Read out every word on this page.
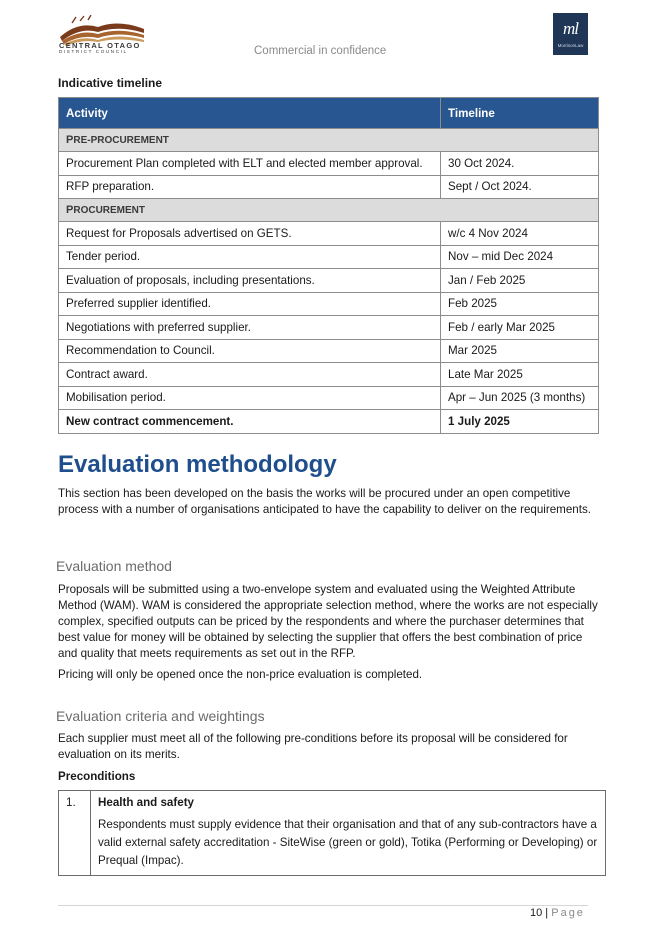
CENTRAL OTAGO
DISTRICT COUNCIL	Commercial in confidence
ml
MorrisonLaw
Indicative timeline
Activity	Timeline
PRE-PROCUREMENT	
Procurement Plan completed with ELT and elected member approval.	30 Oct 2024.
RFP preparation.	Sept / Oct 2024.
PROCUREMENT	
Request for Proposals advertised on GETS.	w/c 4 Nov 2024
Tender period.	Nov – mid Dec 2024
Evaluation of proposals, including presentations.	Jan / Feb 2025
Preferred supplier identified.	Feb 2025
Negotiations with preferred supplier.	Feb / early Mar 2025
Recommendation to Council.	Mar 2025
Contract award.	Late Mar 2025
Mobilisation period.	Apr – Jun 2025 (3 months)
New contract commencement.	1 July 2025
Evaluation methodology

This section has been developed on the basis the works will be procured under an open competitive process with a number of organisations anticipated to have the capability to deliver on the requirements.

Evaluation method

Proposals will be submitted using a two-envelope system and evaluated using the Weighted Attribute Method (WAM). WAM is considered the appropriate selection method, where the works are not especially complex, specified outputs can be priced by the respondents and where the purchaser determines that best value for money will be obtained by selecting the supplier that offers the best combination of price and quality that meets requirements as set out in the RFP.

Pricing will only be opened once the non-price evaluation is completed.

Evaluation criteria and weightings

Each supplier must meet all of the following pre-conditions before its proposal will be considered for evaluation on its merits.

Preconditions
1.	Health and safety

Respondents must supply evidence that their organisation and that of any sub-contractors have a valid external safety accreditation - SiteWise (green or gold), Totika (Performing or Developing) or Prequal (Impac).

10 | Page
